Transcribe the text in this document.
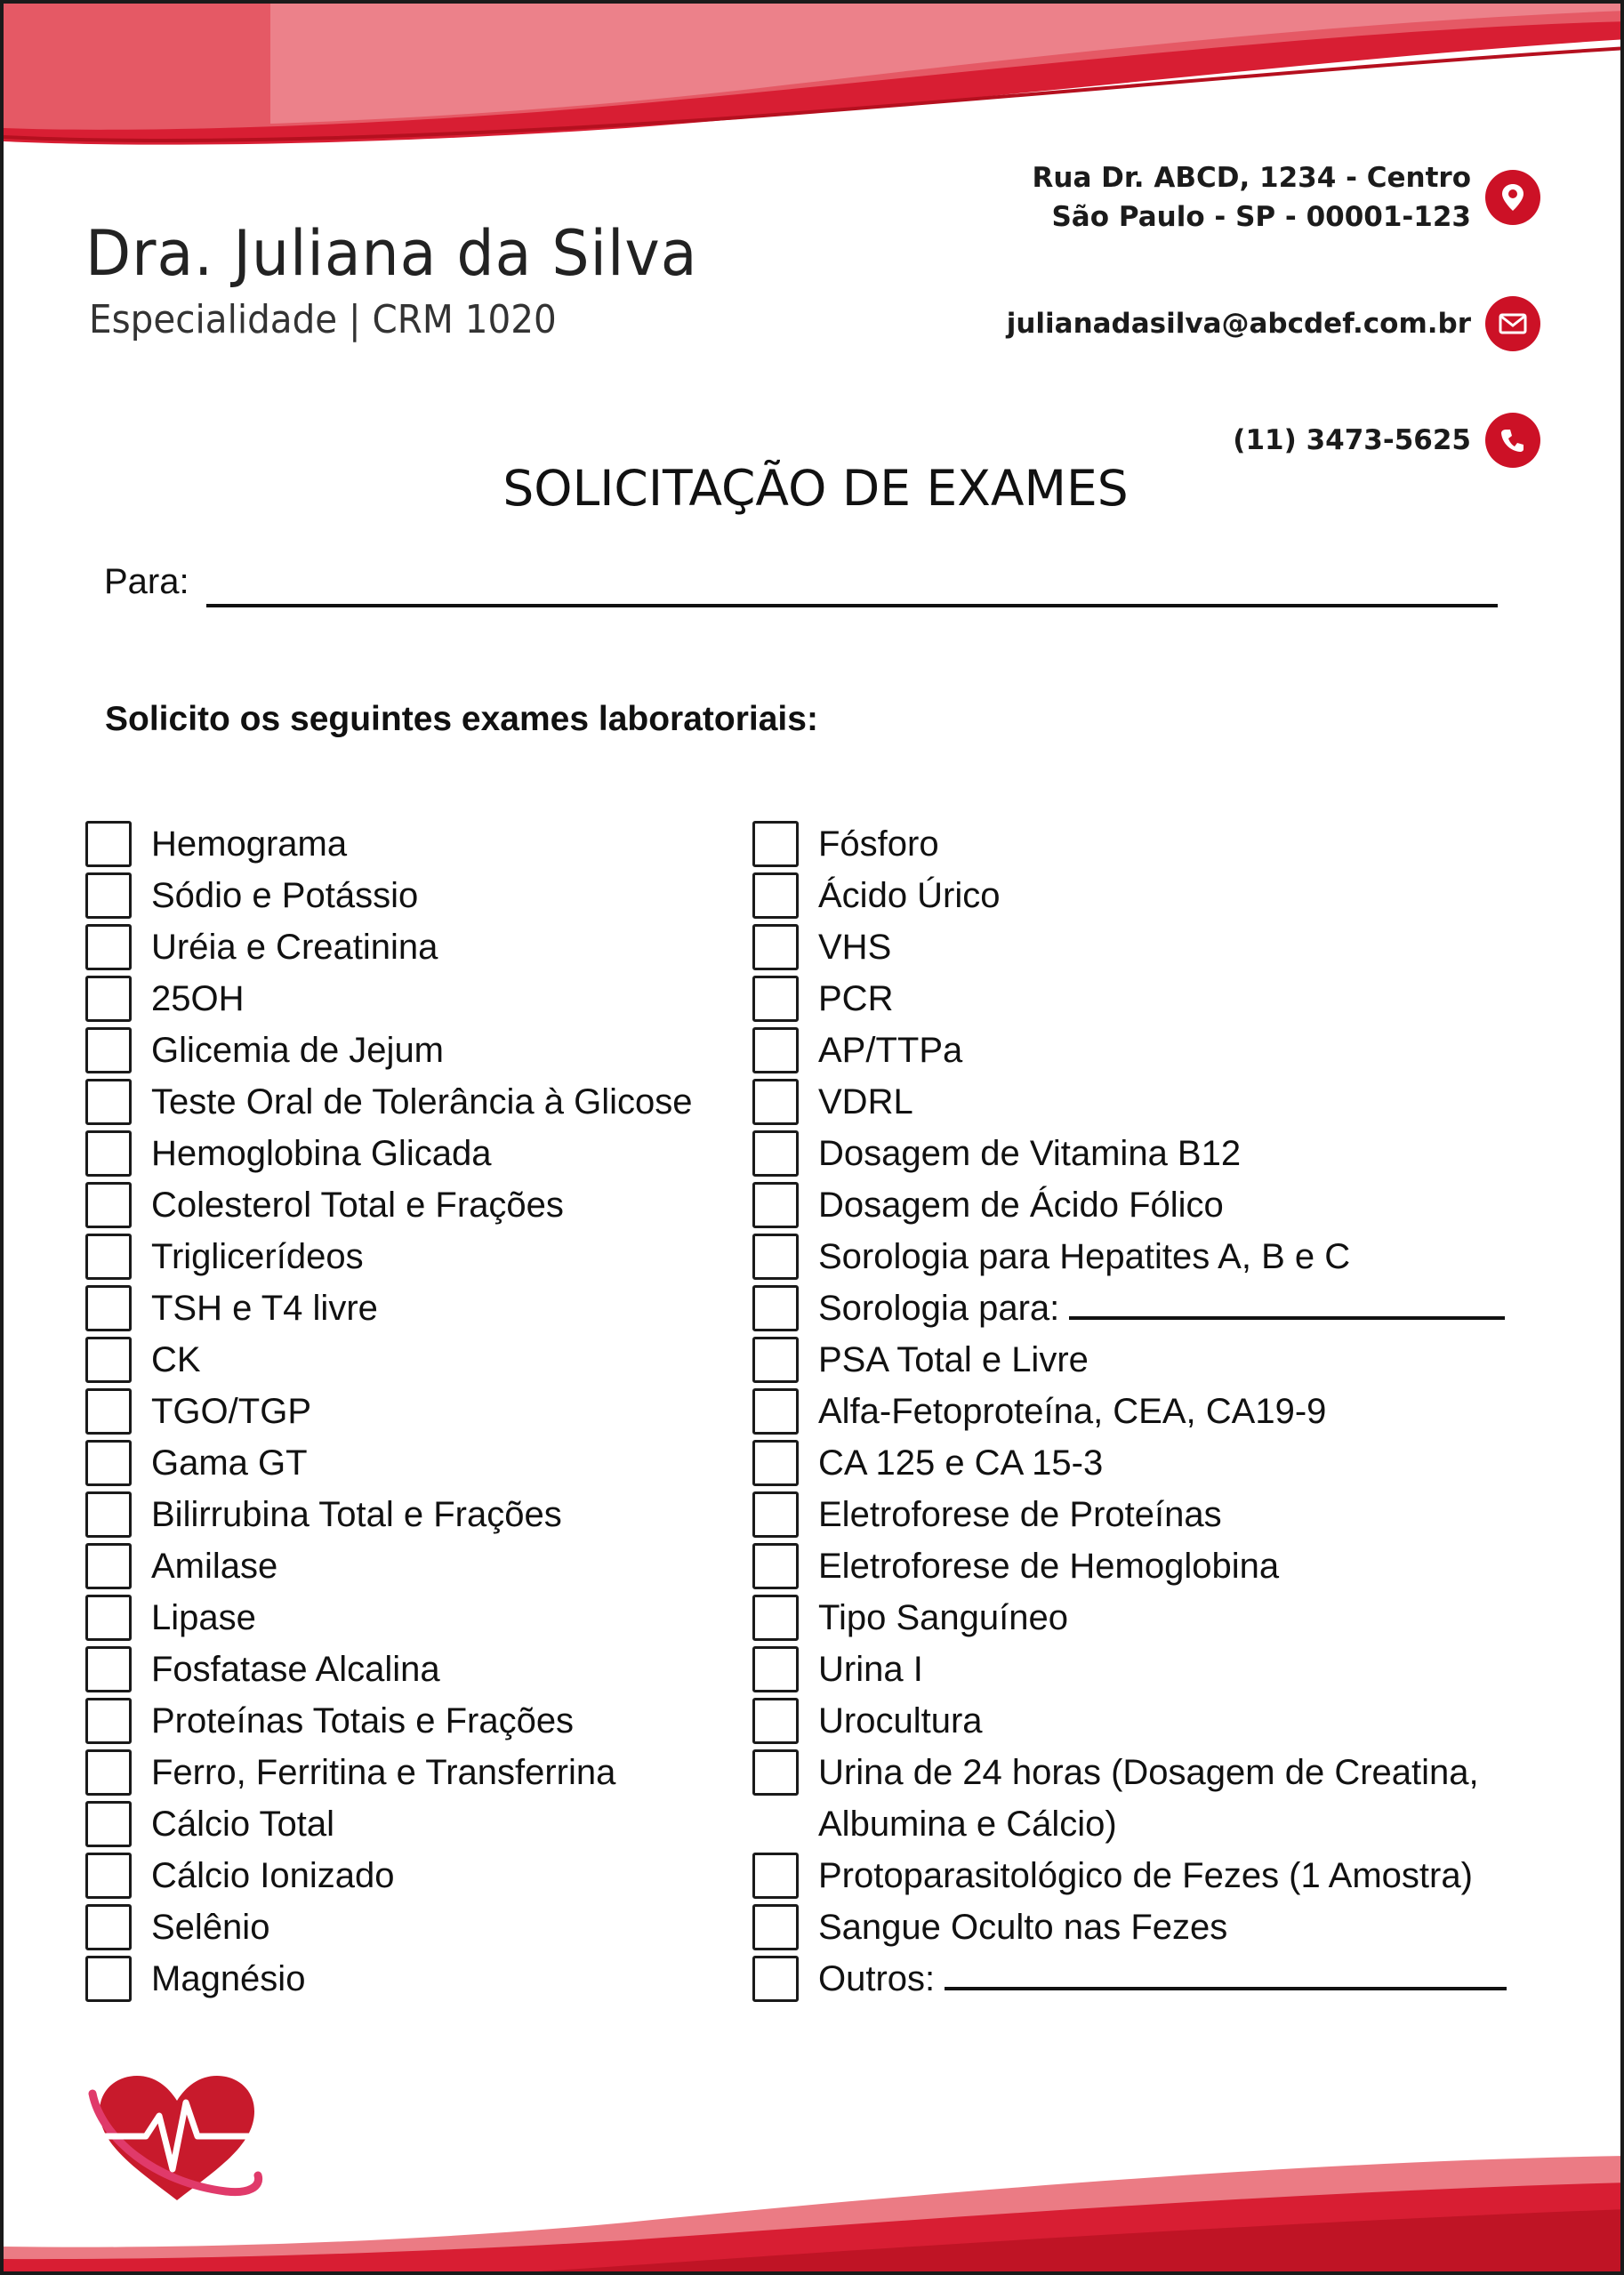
Dra. Juliana da Silva
Especialidade | CRM 1020
Rua Dr. ABCD, 1234 - Centro
São Paulo - SP - 00001-123
julianadasilva@abcdef.com.br
(11) 3473-5625
SOLICITAÇÃO DE EXAMES
Para:
Solicito os seguintes exames laboratoriais:
Hemograma
Sódio e Potássio
Uréia e Creatinina
25OH
Glicemia de Jejum
Teste Oral de Tolerância à Glicose
Hemoglobina Glicada
Colesterol Total e Frações
Triglicerídeos
TSH e T4 livre
CK
TGO/TGP
Gama GT
Bilirrubina Total e Frações
Amilase
Lipase
Fosfatase Alcalina
Proteínas Totais e Frações
Ferro, Ferritina e Transferrina
Cálcio Total
Cálcio Ionizado
Selênio
Magnésio
Fósforo
Ácido Úrico
VHS
PCR
AP/TTPa
VDRL
Dosagem de Vitamina B12
Dosagem de Ácido Fólico
Sorologia para Hepatites A, B e C
Sorologia para:
PSA Total e Livre
Alfa-Fetoproteína, CEA, CA19-9
CA 125 e CA 15-3
Eletroforese de Proteínas
Eletroforese de Hemoglobina
Tipo Sanguíneo
Urina I
Urocultura
Urina de 24 horas (Dosagem de Creatina, Albumina e Cálcio)
Protoparasitológico de Fezes (1 Amostra)
Sangue Oculto nas Fezes
Outros:
